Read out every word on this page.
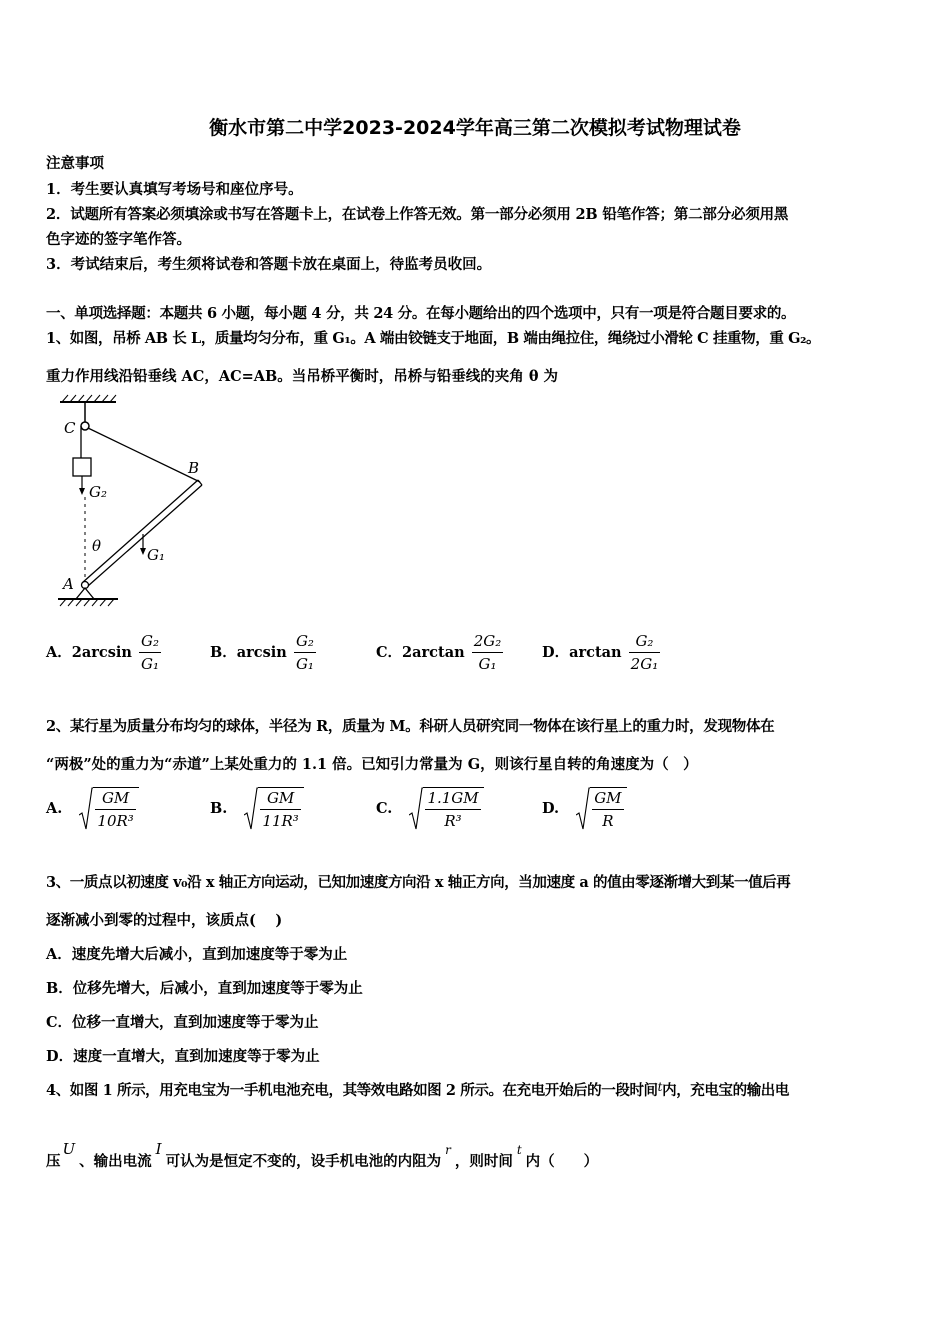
衡水市第二中学2023-2024学年高三第二次模拟考试物理试卷
注意事项
1．考生要认真填写考场号和座位序号。
2．试题所有答案必须填涂或书写在答题卡上，在试卷上作答无效。第一部分必须用 2B 铅笔作答；第二部分必须用黑
色字迹的签字笔作答。
3．考试结束后，考生须将试卷和答题卡放在桌面上，待监考员收回。
一、单项选择题：本题共 6 小题，每小题 4 分，共 24 分。在每小题给出的四个选项中，只有一项是符合题目要求的。
1、如图，吊桥 AB 长 L，质量均匀分布，重 G₁。A 端由铰链支于地面，B 端由绳拉住，绳绕过小滑轮 C 挂重物，重 G₂。
重力作用线沿铅垂线 AC，AC=AB。当吊桥平衡时，吊桥与铅垂线的夹角 θ 为
C
B
A
G₂
G₁
θ
A．$2\arcsin \frac{\text{G₂}}{\text{G₁}}$	B．$\arcsin \frac{\text{G₂}}{\text{G₁}}$	C．$2\arctan \frac{\text{2G₂}}{\text{G₁}}$	D．$\arctan \frac{\text{G₂}}{\text{2G₁}}$
2、某行星为质量分布均匀的球体，半径为 R，质量为 M。科研人员研究同一物体在该行星上的重力时，发现物体在
“两极”处的重力为“赤道”上某处重力的 1.1 倍。已知引力常量为 G，则该行星自转的角速度为（　）
A. $\frac{GM}{\text{10R³}}$	B. $\frac{GM}{\text{11R³}}$	C. $\frac{1.1GM}{\text{R³}}$	D. $\frac{GM}{R}$
3、一质点以初速度 v₀沿 x 轴正方向运动，已知加速度方向沿 x 轴正方向，当加速度 a 的值由零逐渐增大到某一值后再
逐渐减小到零的过程中，该质点(　 )
A．速度先增大后减小，直到加速度等于零为止
B．位移先增大，后减小，直到加速度等于零为止
C．位移一直增大，直到加速度等于零为止
D．速度一直增大，直到加速度等于零为止
4、如图 1 所示，用充电宝为一手机电池充电，其等效电路如图 2 所示。在充电开始后的一段时间$^t$内，充电宝的输出电
压U、输出电流I可认为是恒定不变的，设手机电池的内阻为$^r$，则时间$^t$内（　　）
